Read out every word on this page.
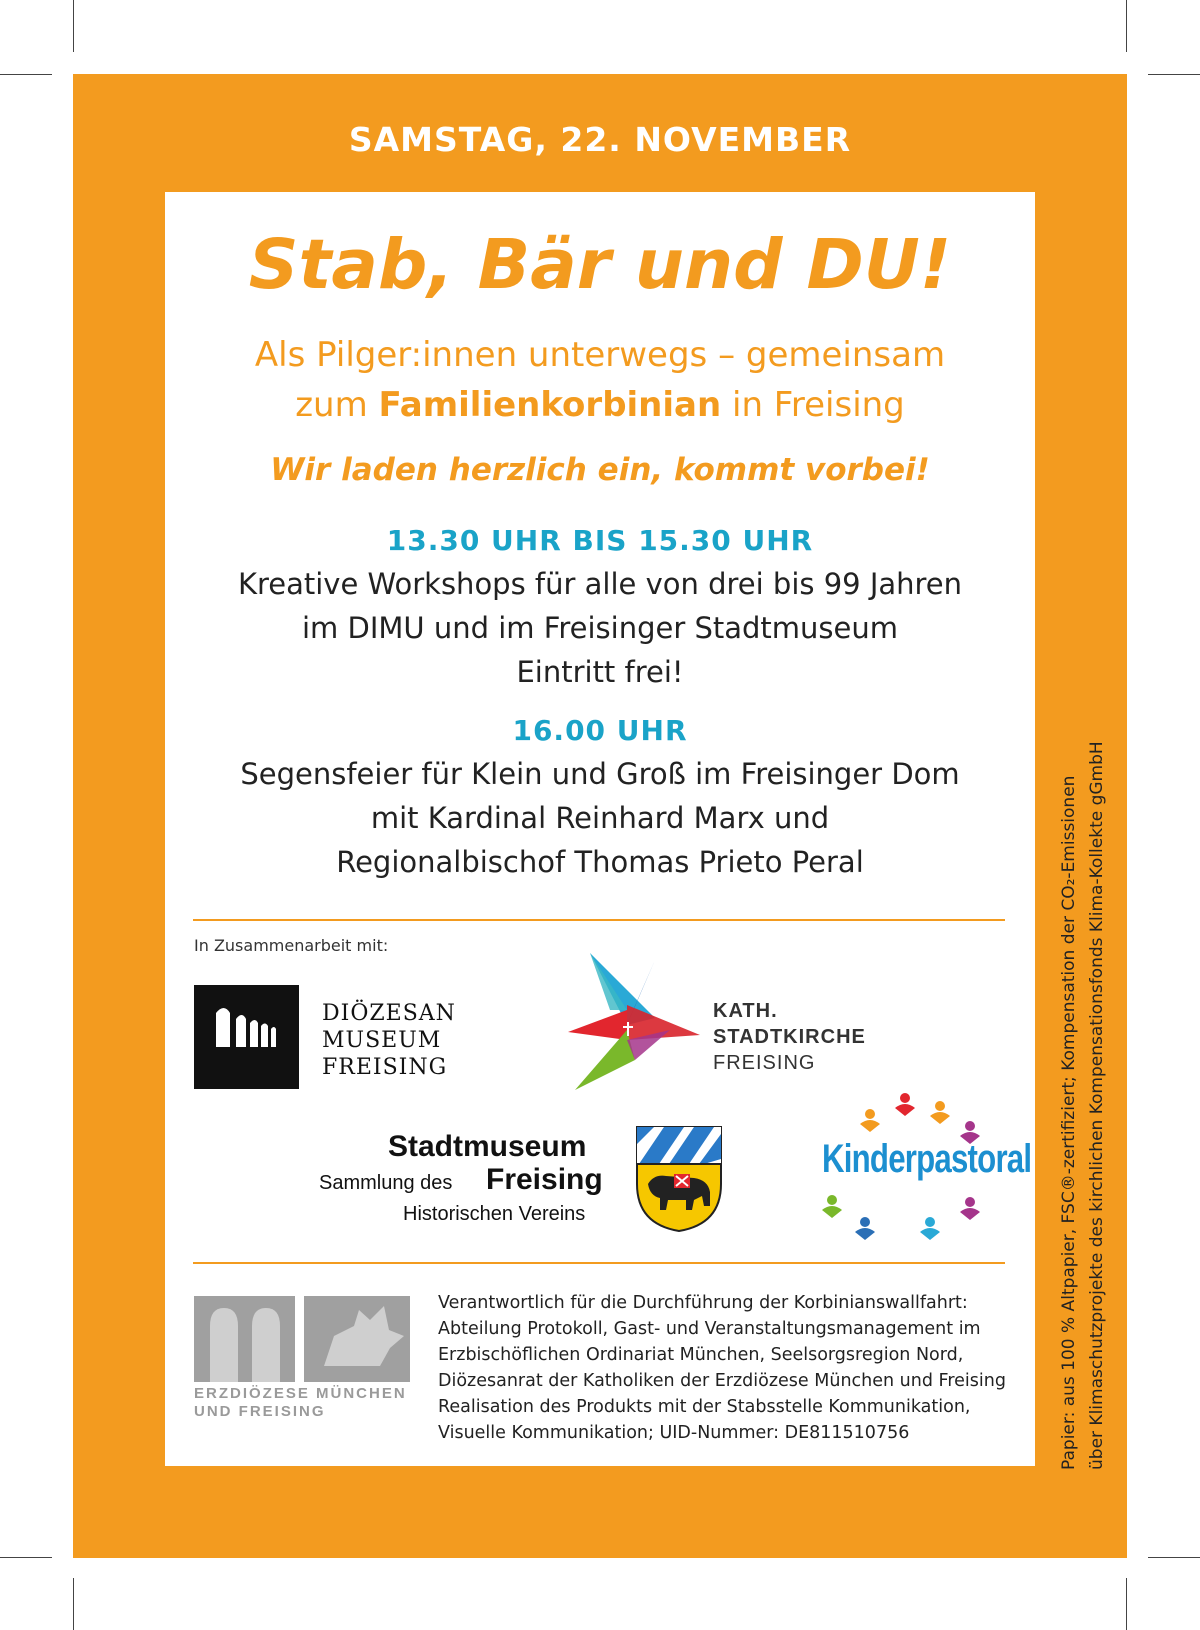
SAMSTAG, 22. NOVEMBER
Stab, Bär und DU!
Als Pilger:innen unterwegs – gemeinsam
zum Familienkorbinian in Freising
Wir laden herzlich ein, kommt vorbei!
13.30 UHR BIS 15.30 UHR
Kreative Workshops für alle von drei bis 99 Jahren
im DIMU und im Freisinger Stadtmuseum
Eintritt frei!
16.00 UHR
Segensfeier für Klein und Groß im Freisinger Dom
mit Kardinal Reinhard Marx und
Regionalbischof Thomas Prieto Peral
In Zusammenarbeit mit:
DIÖZESAN
MUSEUM
FREISING
KATH.
STADTKIRCHE
FREISING
Stadtmuseum
Sammlung des Freising
Historischen Vereins
Kinderpastoral
ERZDIÖZESE MÜNCHEN
UND FREISING
Verantwortlich für die Durchführung der Korbinianswallfahrt:
Abteilung Protokoll, Gast- und Veranstaltungsmanagement im
Erzbischöflichen Ordinariat München, Seelsorgsregion Nord,
Diözesanrat der Katholiken der Erzdiözese München und Freising
Realisation des Produkts mit der Stabsstelle Kommunikation,
Visuelle Kommunikation; UID-Nummer: DE811510756	Papier: aus 100 % Altpapier, FSC®-zertifiziert; Kompensation der CO₂-Emissionen über Klimaschutzprojekte des kirchlichen Kompensationsfonds Klima-Kollekte gGmbH
